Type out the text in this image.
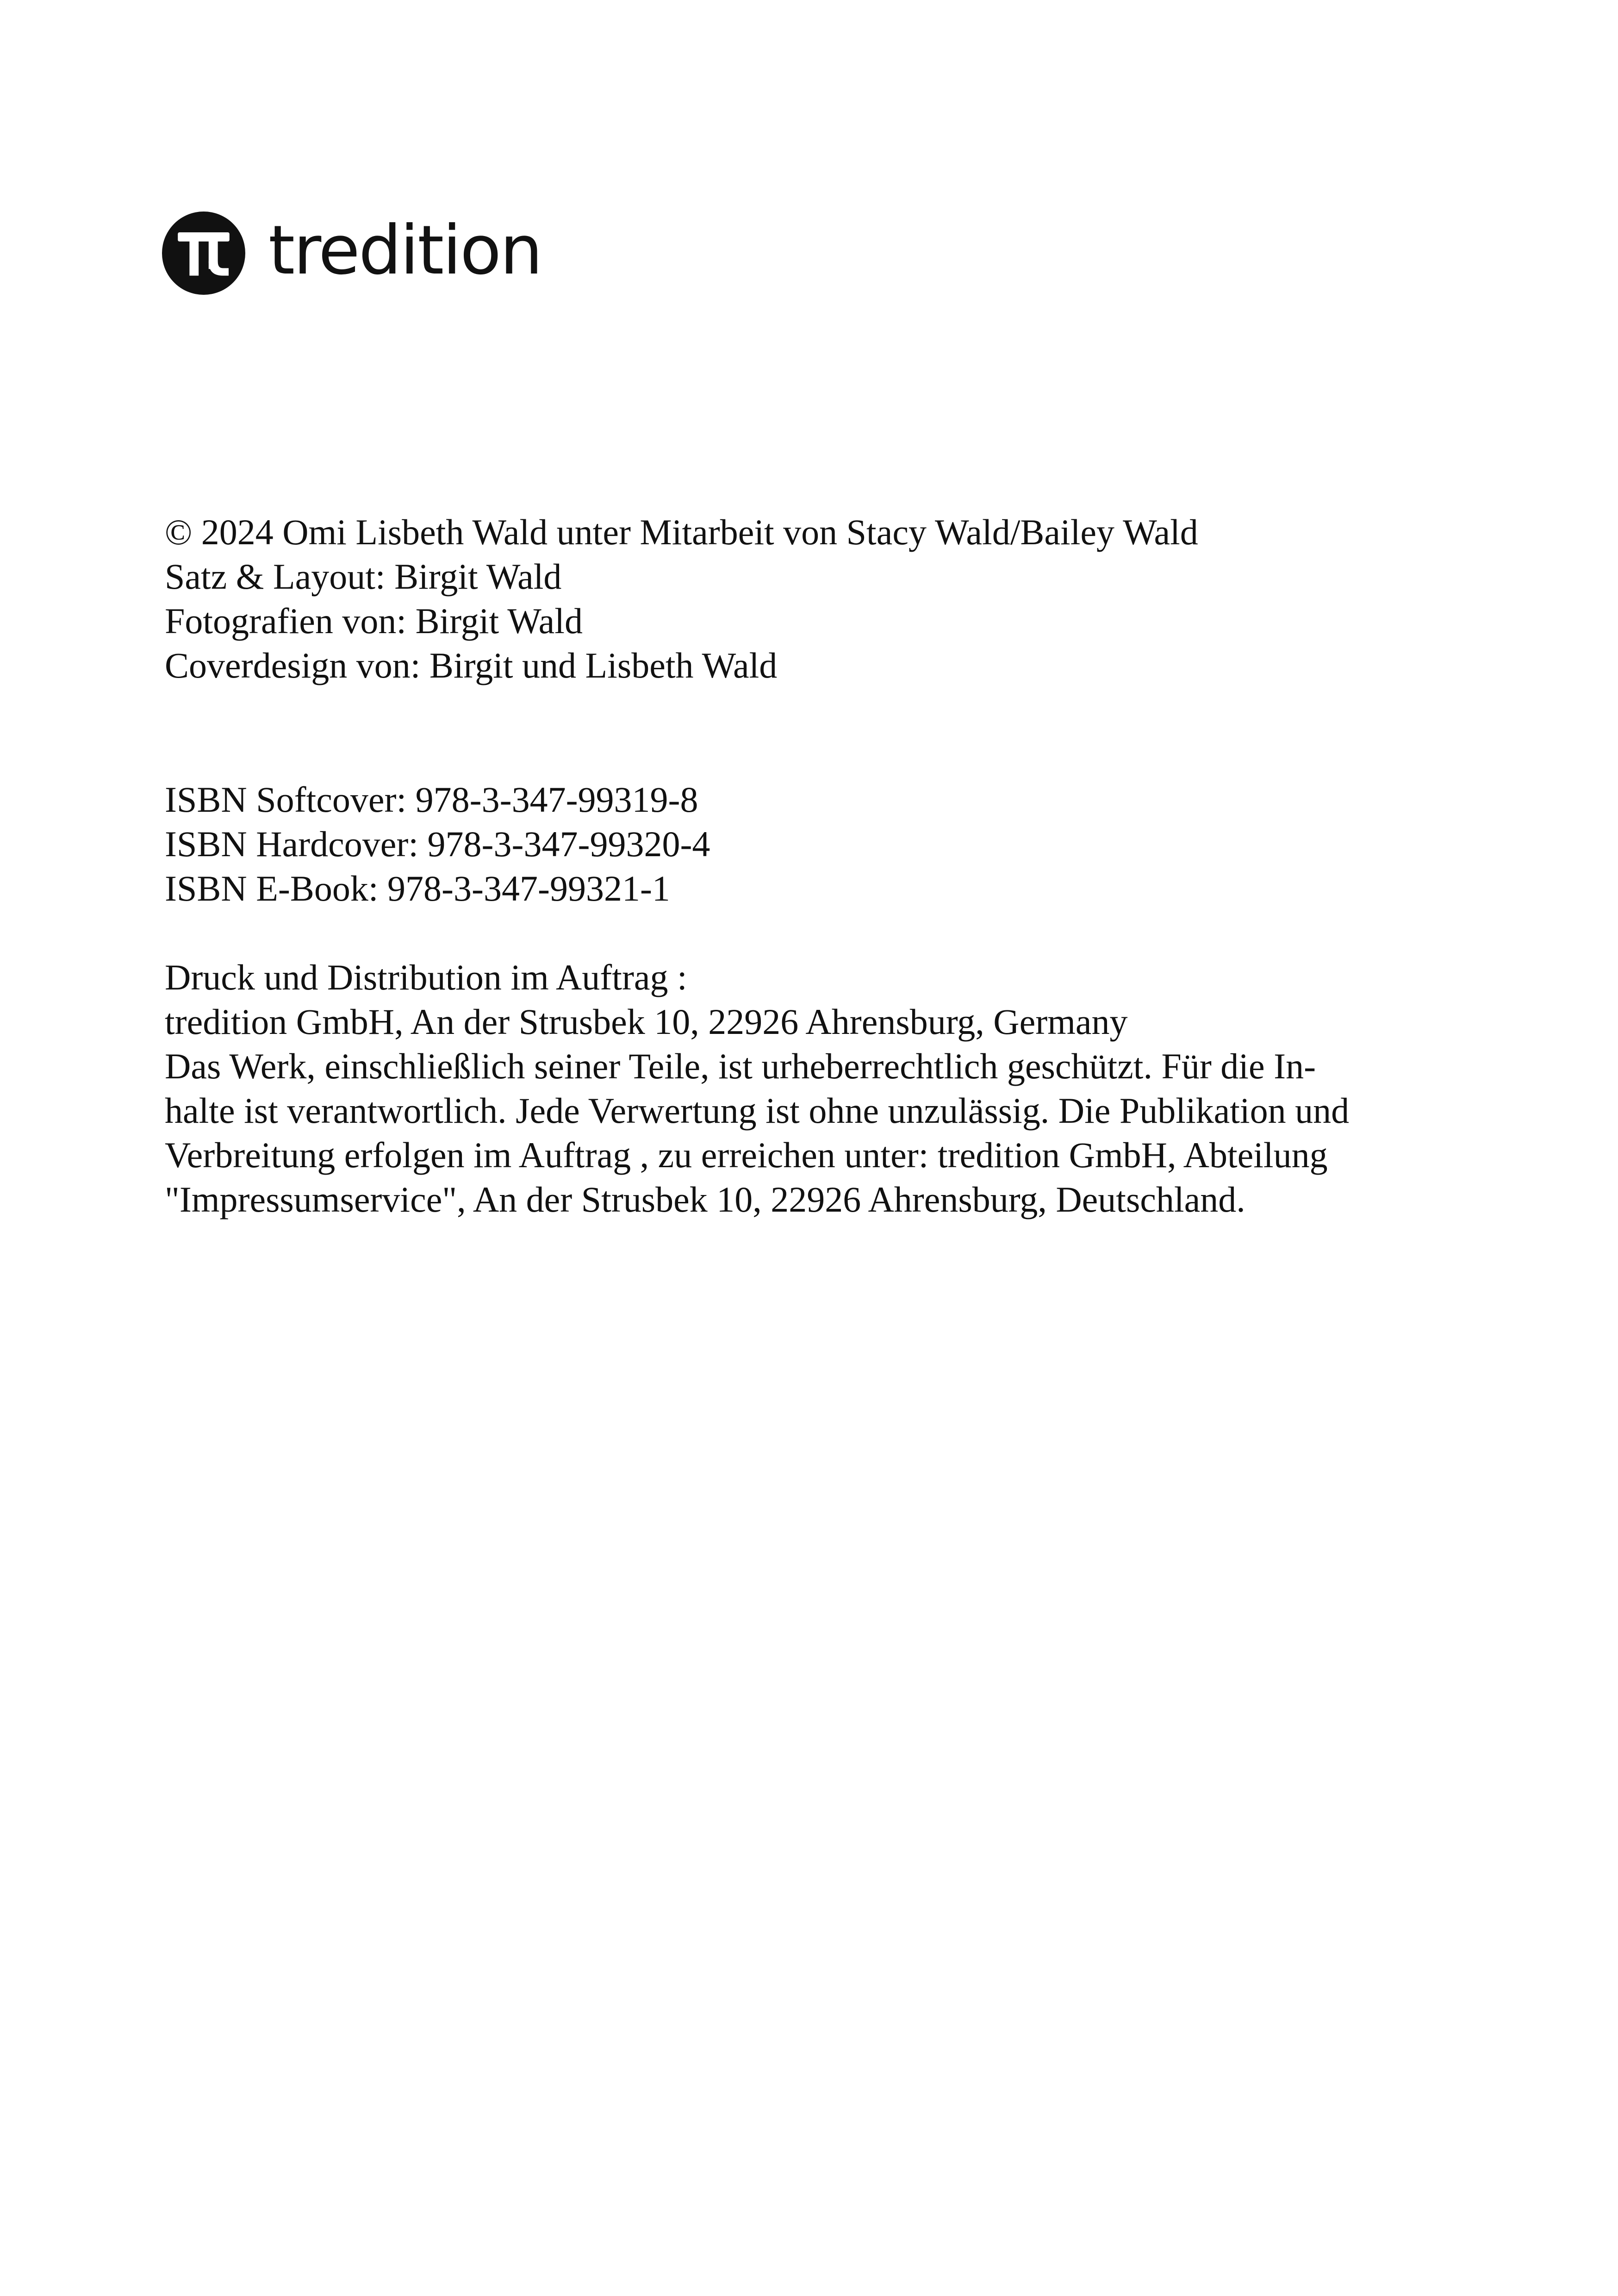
tredition
© 2024 Omi Lisbeth Wald unter Mitarbeit von Stacy Wald/Bailey Wald
Satz & Layout: Birgit Wald
Fotografien von: Birgit Wald
Coverdesign von: Birgit und Lisbeth Wald
ISBN Softcover: 978-3-347-99319-8
ISBN Hardcover: 978-3-347-99320-4
ISBN E-Book: 978-3-347-99321-1
Druck und Distribution im Auftrag :
tredition GmbH, An der Strusbek 10, 22926 Ahrensburg, Germany
Das Werk, einschließlich seiner Teile, ist urheberrechtlich geschützt. Für die In-
halte ist verantwortlich. Jede Verwertung ist ohne unzulässig. Die Publikation und
Verbreitung erfolgen im Auftrag , zu erreichen unter: tredition GmbH, Abteilung
"Impressumservice", An der Strusbek 10, 22926 Ahrensburg, Deutschland.
